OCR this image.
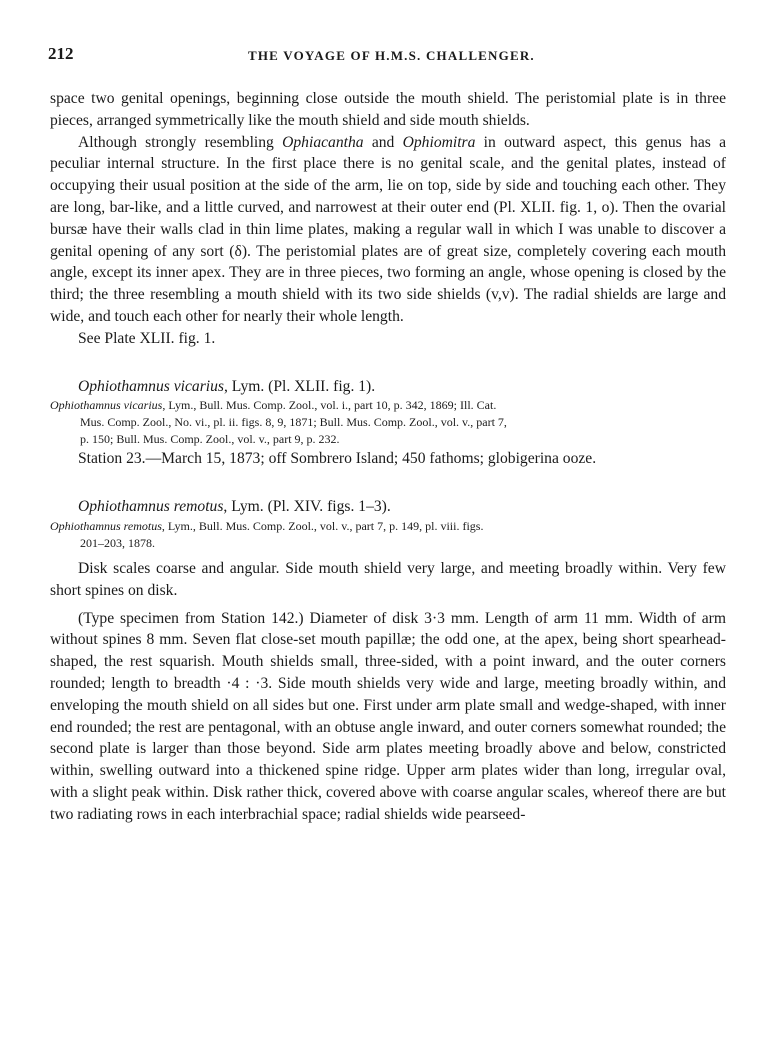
212	THE VOYAGE OF H.M.S. CHALLENGER.

space two genital openings, beginning close outside the mouth shield. The peristomial plate is in three pieces, arranged symmetrically like the mouth shield and side mouth shields.

Although strongly resembling Ophiacantha and Ophiomitra in outward aspect, this genus has a peculiar internal structure. In the first place there is no genital scale, and the genital plates, instead of occupying their usual position at the side of the arm, lie on top, side by side and touching each other. They are long, bar-like, and a little curved, and narrowest at their outer end (Pl. XLII. fig. 1, o). Then the ovarial bursæ have their walls clad in thin lime plates, making a regular wall in which I was unable to discover a genital opening of any sort (δ). The peristomial plates are of great size, completely covering each mouth angle, except its inner apex. They are in three pieces, two forming an angle, whose opening is closed by the third; the three resembling a mouth shield with its two side shields (v,v). The radial shields are large and wide, and touch each other for nearly their whole length.

See Plate XLII. fig. 1.

Ophiothamnus vicarius, Lym. (Pl. XLII. fig. 1).

Ophiothamnus vicarius, Lym., Bull. Mus. Comp. Zool., vol. i., part 10, p. 342, 1869; Ill. Cat.
Mus. Comp. Zool., No. vi., pl. ii. figs. 8, 9, 1871; Bull. Mus. Comp. Zool., vol. v., part 7,
p. 150; Bull. Mus. Comp. Zool., vol. v., part 9, p. 232.

Station 23.—March 15, 1873; off Sombrero Island; 450 fathoms; globigerina ooze.

Ophiothamnus remotus, Lym. (Pl. XIV. figs. 1–3).

Ophiothamnus remotus, Lym., Bull. Mus. Comp. Zool., vol. v., part 7, p. 149, pl. viii. figs.
201–203, 1878.

Disk scales coarse and angular. Side mouth shield very large, and meeting broadly within. Very few short spines on disk.

(Type specimen from Station 142.) Diameter of disk 3·3 mm. Length of arm 11 mm. Width of arm without spines 8 mm. Seven flat close-set mouth papillæ; the odd one, at the apex, being short spearhead-shaped, the rest squarish. Mouth shields small, three-sided, with a point inward, and the outer corners rounded; length to breadth ·4 : ·3. Side mouth shields very wide and large, meeting broadly within, and enveloping the mouth shield on all sides but one. First under arm plate small and wedge-shaped, with inner end rounded; the rest are pentagonal, with an obtuse angle inward, and outer corners somewhat rounded; the second plate is larger than those beyond. Side arm plates meeting broadly above and below, constricted within, swelling outward into a thickened spine ridge. Upper arm plates wider than long, irregular oval, with a slight peak within. Disk rather thick, covered above with coarse angular scales, whereof there are but two radiating rows in each interbrachial space; radial shields wide pearseed-
